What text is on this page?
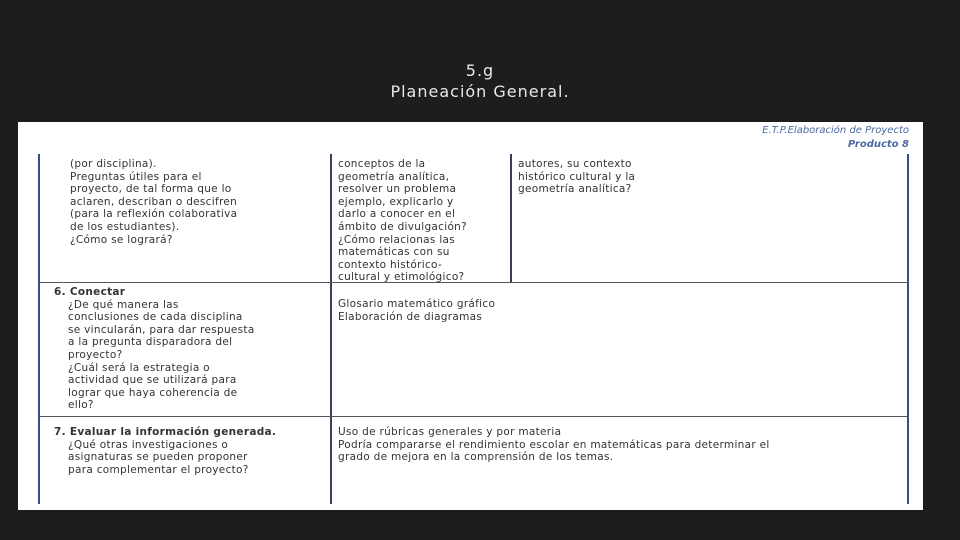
5.g
Planeación General.
E.T.P.Elaboración de Proyecto
Producto 8
(por disciplina).
Preguntas útiles para el
proyecto, de tal forma que lo
aclaren, describan o descifren
(para la reflexión colaborativa
de los estudiantes).
¿Cómo se logrará?
conceptos de la
geometría analítica,
resolver un problema
ejemplo, explicarlo y
darlo a conocer en el
ámbito de divulgación?
¿Cómo relacionas las
matemáticas con su
contexto histórico-
cultural y etimológico?
autores, su contexto
histórico cultural y la
geometría analítica?
6. Conectar
¿De qué manera las
conclusiones de cada disciplina
se vincularán, para dar respuesta
a la pregunta disparadora del
proyecto?
¿Cuál será la estrategia o
actividad que se utilizará para
lograr que haya coherencia de
ello?
Glosario matemático gráfico
Elaboración de diagramas
7. Evaluar la información generada.
¿Qué otras investigaciones o
asignaturas se pueden proponer
para complementar el proyecto?
Uso de rúbricas generales y por materia
Podría compararse el rendimiento escolar en matemáticas para determinar el
grado de mejora en la comprensión de los temas.
